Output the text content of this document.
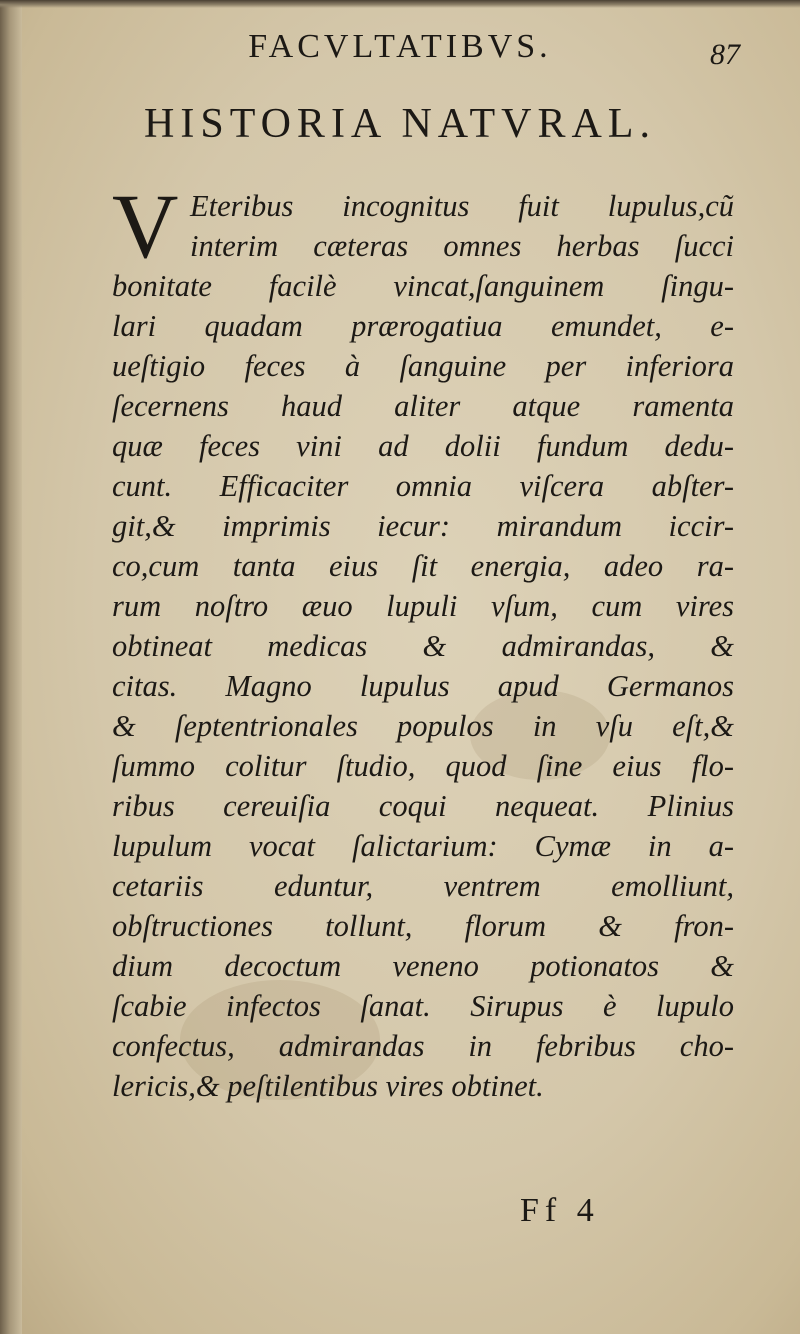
FACVLTATIBVS.	87
HISTORIA NATVRAL.
V Eteribus incognitus fuit lupulus,cũ
interim cæteras omnes herbas ſucci
bonitate facilè vincat,ſanguinem ſingu-
lari quadam prærogatiua emundet, e-
ueſtigio feces à ſanguine per inferiora
ſecernens haud aliter atque ramenta
quæ feces vini ad dolii fundum dedu-
cunt. Efficaciter omnia viſcera abſter-
git,& imprimis iecur: mirandum iccir-
co,cum tanta eius ſit energia, adeo ra-
rum noſtro æuo lupuli vſum, cum vires
obtineat medicas & admirandas, &
citas. Magno lupulus apud Germanos
& ſeptentrionales populos in vſu eſt,&
ſummo colitur ſtudio, quod ſine eius flo-
ribus cereuiſia coqui nequeat. Plinius
lupulum vocat ſalictarium: Cymæ in a-
cetariis eduntur, ventrem emolliunt,
obſtructiones tollunt, florum & fron-
dium decoctum veneno potionatos &
ſcabie infectos ſanat. Sirupus è lupulo
confectus, admirandas in febribus cho-
lericis,& peſtilentibus vires obtinet.
Ff 4
